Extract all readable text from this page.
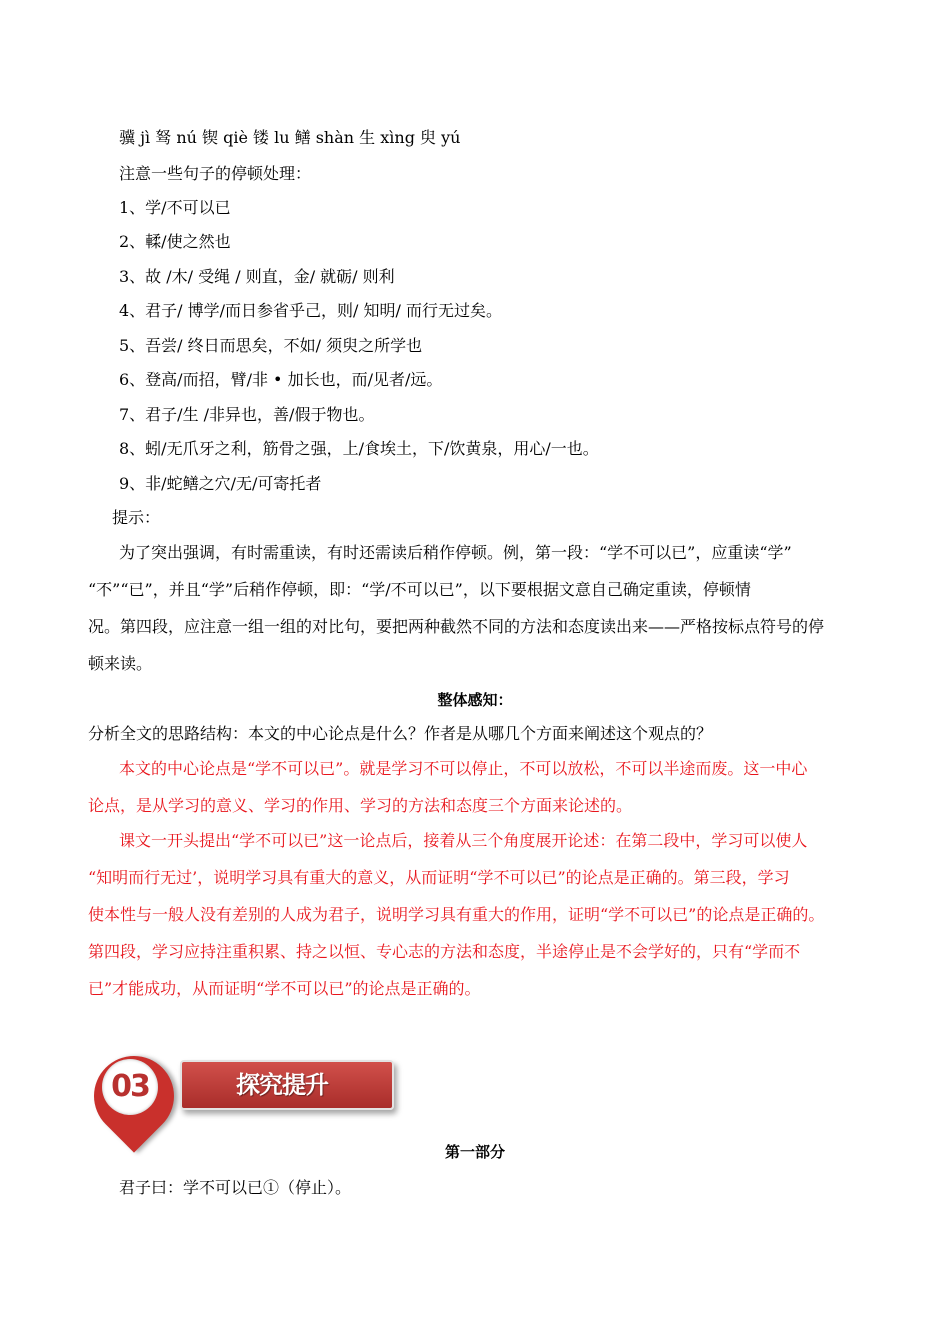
骥 jì 驽 nú 锲 qiè 镂 lu 鳝 shàn 生 xìng 臾 yú
注意一些句子的停顿处理：
1、学/不可以已
2、輮/使之然也
3、故 /木/ 受绳 / 则直，金/ 就砺/ 则利
4、君子/ 博学/而日参省乎己，则/ 知明/ 而行无过矣。
5、吾尝/ 终日而思矣，不如/ 须臾之所学也
6、登高/而招，臂/非 • 加长也，而/见者/远。
7、君子/生 /非异也，善/假于物也。
8、蚓/无爪牙之利，筋骨之强，上/食埃土，下/饮黄泉，用心/一也。
9、非/蛇鳝之穴/无/可寄托者
提示：
为了突出强调，有时需重读，有时还需读后稍作停顿。例，第一段：“学不可以已”，应重读“学”
“不”“已”，并且“学”后稍作停顿，即：“学/不可以已”，以下要根据文意自己确定重读，停顿情
况。第四段，应注意一组一组的对比句，要把两种截然不同的方法和态度读出来——严格按标点符号的停
顿来读。
整体感知：
分析全文的思路结构：本文的中心论点是什么？作者是从哪几个方面来阐述这个观点的？
本文的中心论点是“学不可以已”。就是学习不可以停止，不可以放松，不可以半途而废。这一中心
论点，是从学习的意义、学习的作用、学习的方法和态度三个方面来论述的。
课文一开头提出“学不可以已”这一论点后，接着从三个角度展开论述：在第二段中，学习可以使人
“知明而行无过’，说明学习具有重大的意义，从而证明“学不可以已”的论点是正确的。第三段，学习
使本性与一般人没有差别的人成为君子，说明学习具有重大的作用，证明“学不可以已”的论点是正确的。
第四段，学习应持注重积累、持之以恒、专心志的方法和态度，半途停止是不会学好的，只有“学而不
已”才能成功，从而证明“学不可以已”的论点是正确的。
03	探究提升
第一部分
君子曰：学不可以已①（停止）。
